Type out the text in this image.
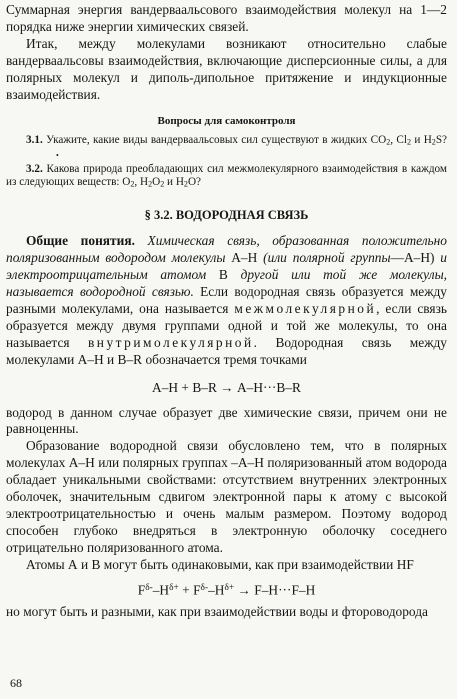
Суммарная энергия вандерваальсового взаимодействия молекул на 1—2 порядка ниже энергии химических связей.

Итак, между молекулами возникают относительно слабые вандерваальсовы взаимодействия, включающие дисперсионные силы, а для полярных молекул и диполь-дипольное притяжение и индукционные взаимодействия.

Вопросы для самоконтроля

3.1. Укажите, какие виды вандерваальсовых сил существуют в жидких $CO_2$, $Cl_2$ и $H_2S?•$

3.2. Какова природа преобладающих сил межмолекулярного взаимодействия в каждом из следующих веществ: $O_2$, $H_2O_2$ и $H_2O$?

§ 3.2. ВОДОРОДНАЯ СВЯЗЬ

Общие понятия. Химическая связь, образованная положительно поляризованным водородом молекулы А–Н (или полярной группы—А–Н) и электроотрицательным атомом В другой или той же молекулы, называется водородной связью. Если водородная связь образуется между разными молекулами, она называется межмолекулярной, если связь образуется между двумя группами одной и той же молекулы, то она называется внутримолекулярной. Водородная связь между молекулами А–Н и В–R обозначается тремя точками

А–Н + В–R → А–Н···В–R

водород в данном случае образует две химические связи, причем они не равноценны.

Образование водородной связи обусловлено тем, что в полярных молекулах А–Н или полярных группах –А–Н поляризованный атом водорода обладает уникальными свойствами: отсутствием внутренних электронных оболочек, значительным сдвигом электронной пары к атому с высокой электроотрицательностью и очень малым размером. Поэтому водород способен глубоко внедряться в электронную оболочку соседнего отрицательно поляризованного атома.

Атомы А и В могут быть одинаковыми, как при взаимодействии HF

$F^{\delta-}-H^{\delta+} + F^{\delta-}-H^{\delta+} \to F-H\cdot\cdot\cdot F-H$

но могут быть и разными, как при взаимодействии воды и фтороводорода

68
